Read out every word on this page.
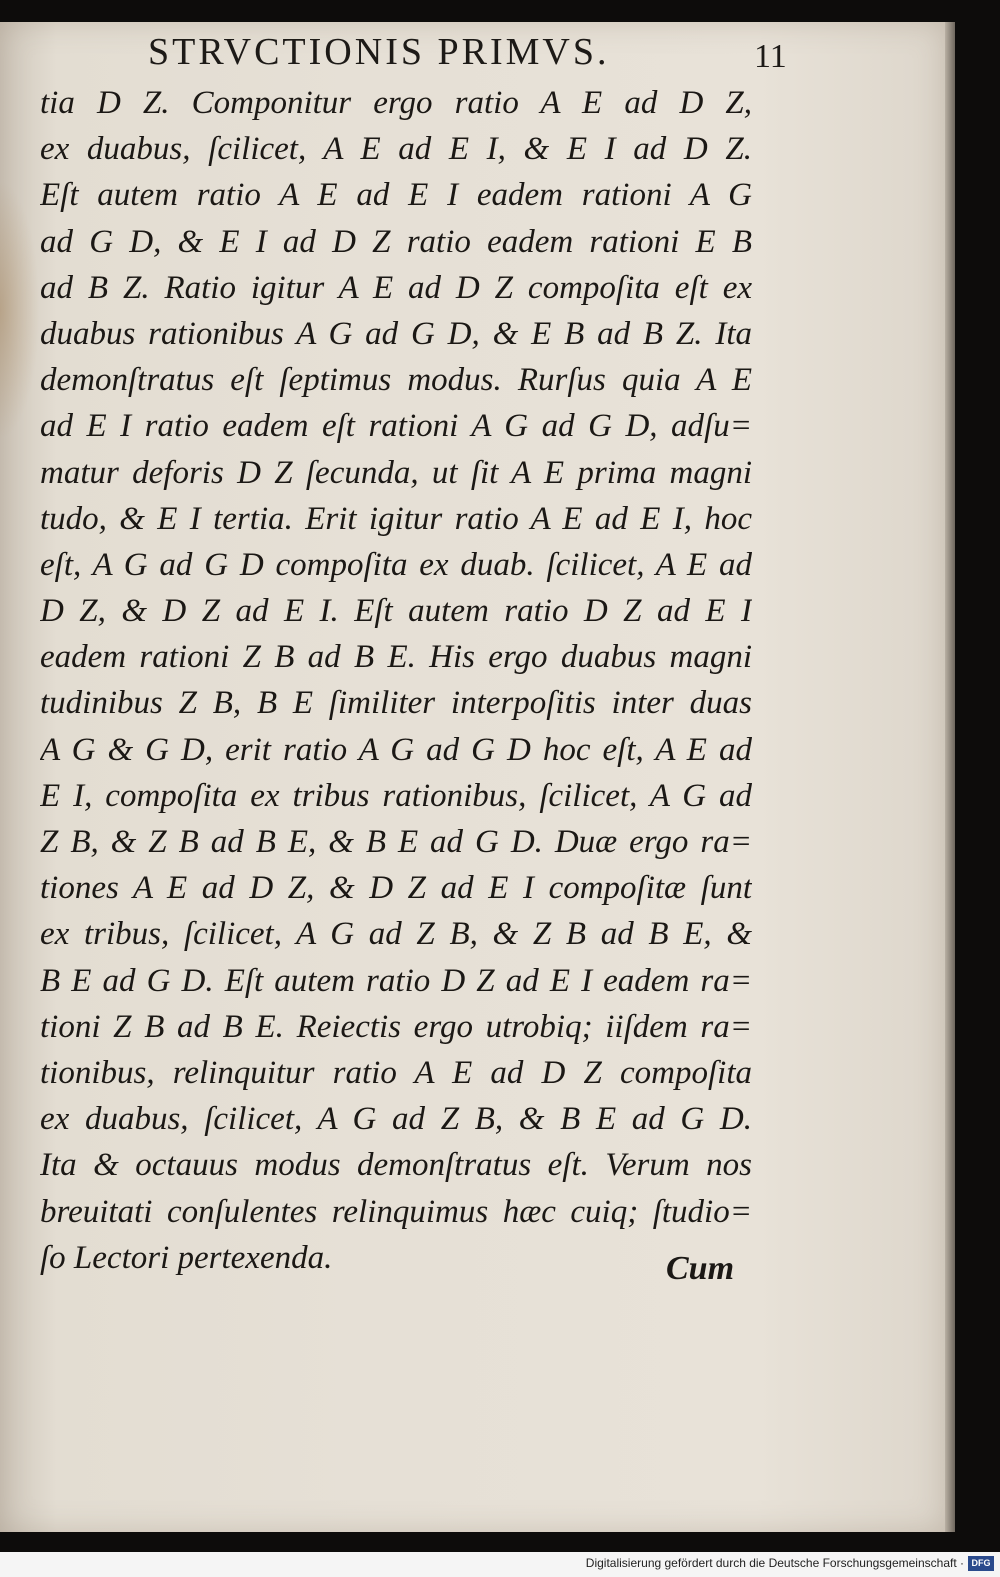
STRVCTIONIS PRIMVS.	11
tia D Z. Componitur ergo ratio A E ad D Z,
ex duabus, ſcilicet, A E ad E I, & E I ad D Z.
Eſt autem ratio A E ad E I eadem rationi A G
ad G D, & E I ad D Z ratio eadem rationi E B
ad B Z. Ratio igitur A E ad D Z compoſita eſt ex
duabus rationibus A G ad G D, & E B ad B Z. Ita
demonſtratus eſt ſeptimus modus. Rurſus quia A E
ad E I ratio eadem eſt rationi A G ad G D, adſu=
matur deforis D Z ſecunda, ut ſit A E prima magni
tudo, & E I tertia. Erit igitur ratio A E ad E I, hoc
eſt, A G ad G D compoſita ex duab. ſcilicet, A E ad
D Z, & D Z ad E I. Eſt autem ratio D Z ad E I
eadem rationi Z B ad B E. His ergo duabus magni
tudinibus Z B, B E ſimiliter interpoſitis inter duas
A G & G D, erit ratio A G ad G D hoc eſt, A E ad
E I, compoſita ex tribus rationibus, ſcilicet, A G ad
Z B, & Z B ad B E, & B E ad G D. Duæ ergo ra=
tiones A E ad D Z, & D Z ad E I compoſitæ ſunt
ex tribus, ſcilicet, A G ad Z B, & Z B ad B E, &
B E ad G D. Eſt autem ratio D Z ad E I eadem ra=
tioni Z B ad B E. Reiectis ergo utrobiq; iiſdem ra=
tionibus, relinquitur ratio A E ad D Z compoſita
ex duabus, ſcilicet, A G ad Z B, & B E ad G D.
Ita & octauus modus demonſtratus eſt. Verum nos
breuitati conſulentes relinquimus hæc cuiq; ſtudio=
ſo Lectori pertexenda.	Cum
Digitalisierung gefördert durch die Deutsche Forschungsgemeinschaft · DFG
